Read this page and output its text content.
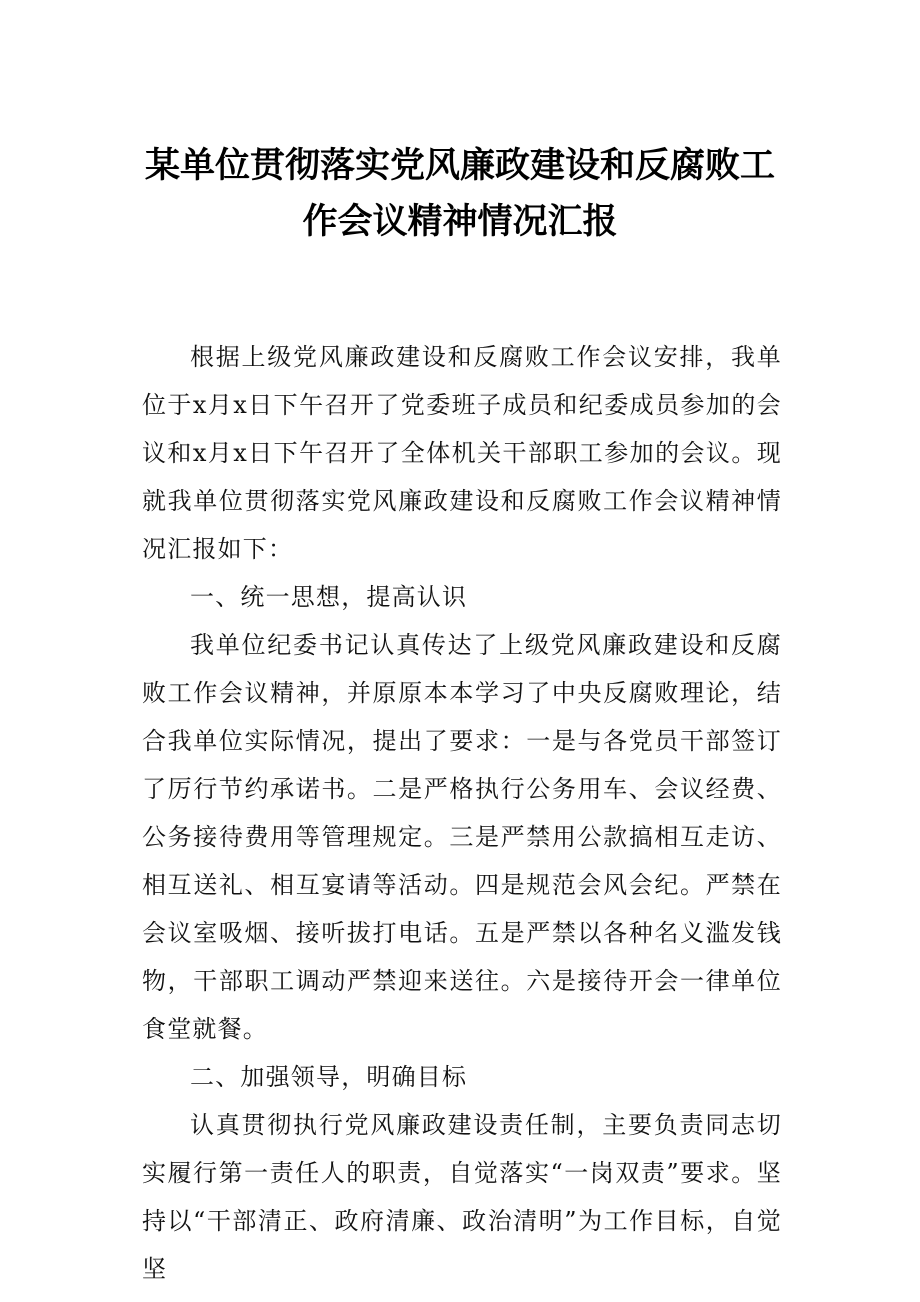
某单位贯彻落实党风廉政建设和反腐败工
作会议精神情况汇报

根据上级党风廉政建设和反腐败工作会议安排，我单位于x月x日下午召开了党委班子成员和纪委成员参加的会议和x月x日下午召开了全体机关干部职工参加的会议。现就我单位贯彻落实党风廉政建设和反腐败工作会议精神情况汇报如下：

一、统一思想，提高认识

我单位纪委书记认真传达了上级党风廉政建设和反腐败工作会议精神，并原原本本学习了中央反腐败理论，结合我单位实际情况，提出了要求：一是与各党员干部签订了厉行节约承诺书。二是严格执行公务用车、会议经费、公务接待费用等管理规定。三是严禁用公款搞相互走访、相互送礼、相互宴请等活动。四是规范会风会纪。严禁在会议室吸烟、接听拔打电话。五是严禁以各种名义滥发钱物，干部职工调动严禁迎来送往。六是接待开会一律单位食堂就餐。

二、加强领导，明确目标

认真贯彻执行党风廉政建设责任制，主要负责同志切实履行第一责任人的职责，自觉落实“一岗双责”要求。坚持以“干部清正、政府清廉、政治清明”为工作目标，自觉坚
